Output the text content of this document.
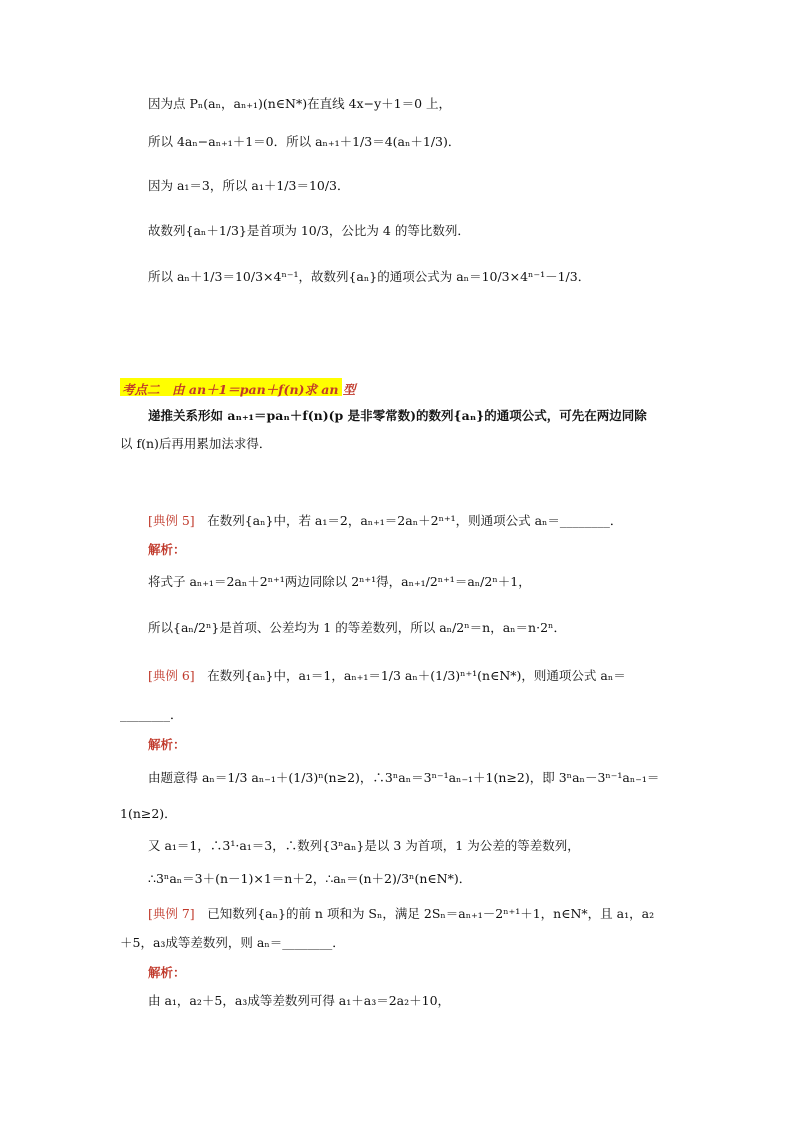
因为点 Pₙ(aₙ，aₙ₊₁)(n∈N*)在直线 4x−y＋1＝0 上，
所以 4aₙ−aₙ₊₁＋1＝0．所以 aₙ₊₁＋1/3＝4(aₙ＋1/3)．
因为 a₁＝3，所以 a₁＋1/3＝10/3．
故数列{aₙ＋1/3}是首项为 10/3，公比为 4 的等比数列．
所以 aₙ＋1/3＝10/3×4ⁿ⁻¹，故数列{aₙ}的通项公式为 aₙ＝10/3×4ⁿ⁻¹－1/3．
考点二　由 an＋1＝pan＋f(n)求 an 型
递推关系形如 aₙ₊₁＝paₙ＋f(n)(p 是非零常数)的数列{aₙ}的通项公式，可先在两边同除
以 f(n)后再用累加法求得．
[典例 5]　在数列{aₙ}中，若 a₁＝2，aₙ₊₁＝2aₙ＋2ⁿ⁺¹，则通项公式 aₙ＝________．
解析：
将式子 aₙ₊₁＝2aₙ＋2ⁿ⁺¹两边同除以 2ⁿ⁺¹得，aₙ₊₁/2ⁿ⁺¹＝aₙ/2ⁿ＋1，
所以{aₙ/2ⁿ}是首项、公差均为 1 的等差数列，所以 aₙ/2ⁿ＝n，aₙ＝n·2ⁿ．
[典例 6]　在数列{aₙ}中，a₁＝1，aₙ₊₁＝1/3 aₙ＋(1/3)ⁿ⁺¹(n∈N*)，则通项公式 aₙ＝
________．
解析：
由题意得 aₙ＝1/3 aₙ₋₁＋(1/3)ⁿ(n≥2)，∴3ⁿaₙ＝3ⁿ⁻¹aₙ₋₁＋1(n≥2)，即 3ⁿaₙ－3ⁿ⁻¹aₙ₋₁＝
1(n≥2)．
又 a₁＝1，∴3¹·a₁＝3，∴数列{3ⁿaₙ}是以 3 为首项，1 为公差的等差数列，
∴3ⁿaₙ＝3＋(n－1)×1＝n＋2，∴aₙ＝(n＋2)/3ⁿ(n∈N*)．
[典例 7]　已知数列{aₙ}的前 n 项和为 Sₙ，满足 2Sₙ＝aₙ₊₁－2ⁿ⁺¹＋1，n∈N*，且 a₁，a₂
＋5，a₃成等差数列，则 aₙ＝________．
解析：
由 a₁，a₂＋5，a₃成等差数列可得 a₁＋a₃＝2a₂＋10，
